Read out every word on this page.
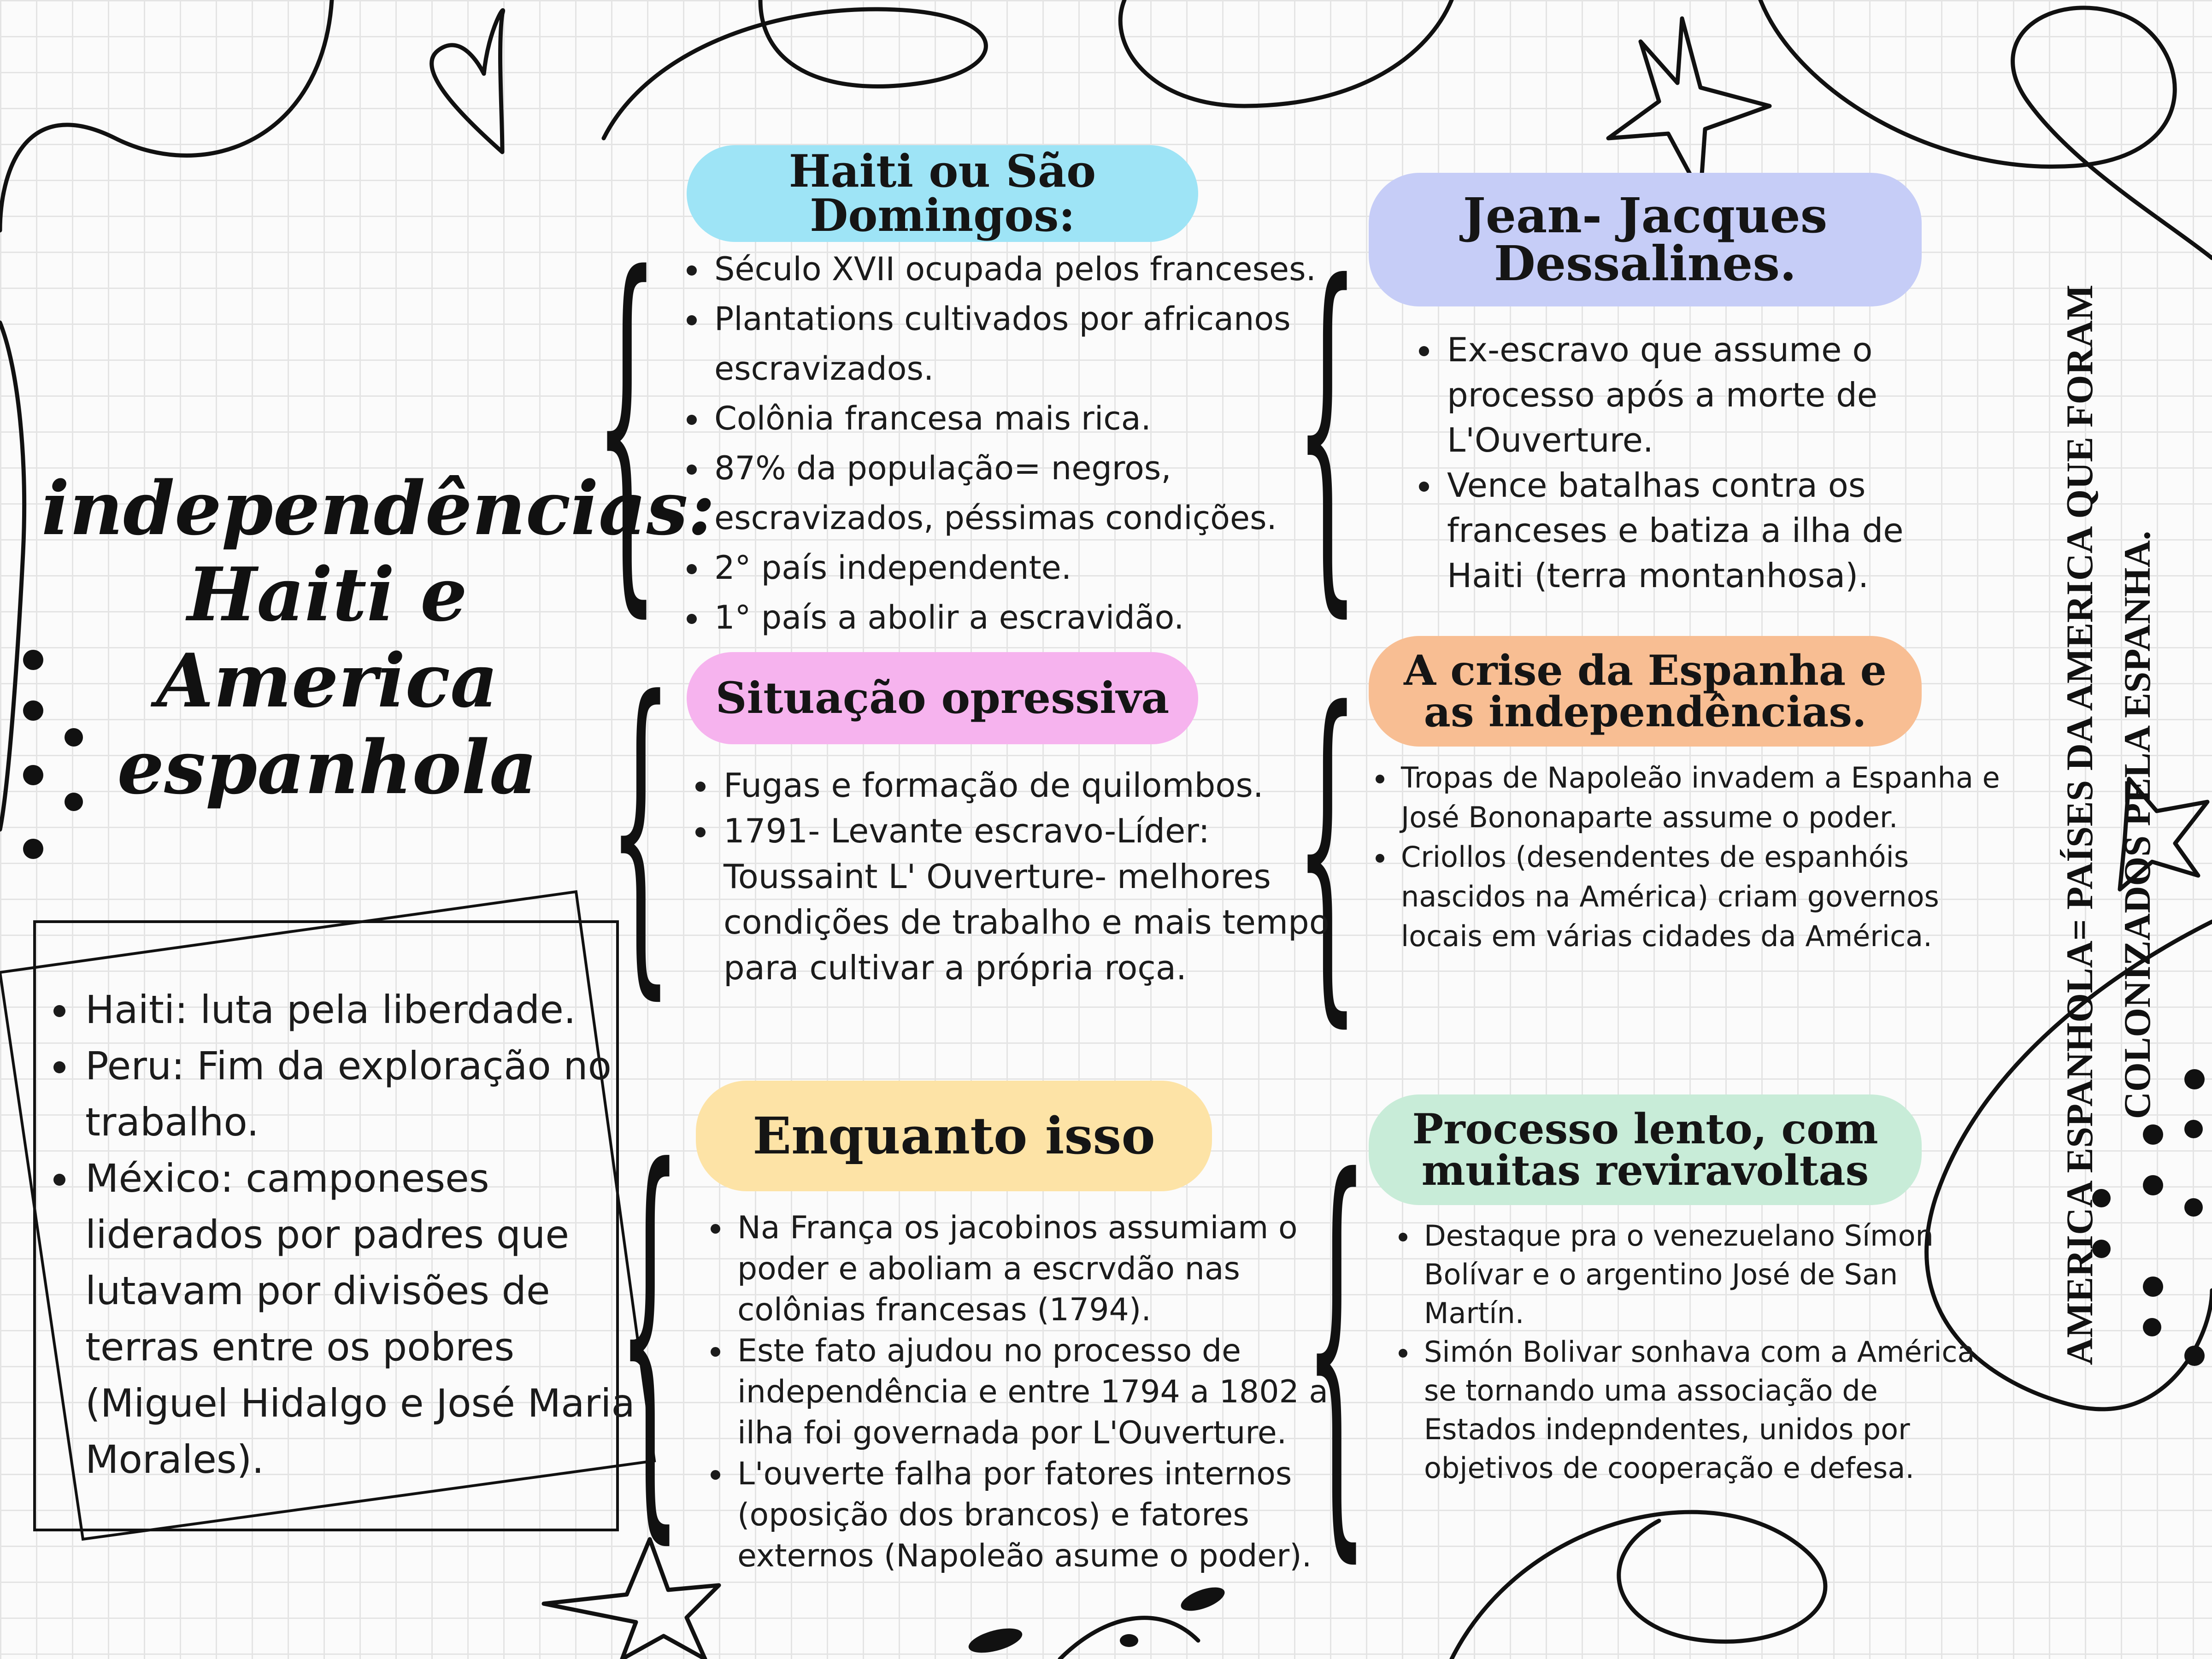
independências: Haiti e America espanhola
• Haiti: luta pela liberdade.
• Peru: Fim da exploração no trabalho.
• México: camponeses liderados por padres que lutavam por divisões de terras entre os pobres (Miguel Hidalgo e José Maria Morales).
{
{
{
{
{
{
Haiti ou São Domingos:
• Século XVII ocupada pelos franceses.
• Plantations cultivados por africanos escravizados.
• Colônia francesa mais rica.
• 87% da população= negros, escravizados, péssimas condições.
• 2° país independente.
• 1° país a abolir a escravidão.
Situação opressiva
• Fugas e formação de quilombos.
• 1791- Levante escravo-Líder: Toussaint L' Ouverture- melhores condições de trabalho e mais tempo para cultivar a própria roça.
Enquanto isso
• Na França os jacobinos assumiam o poder e aboliam a escrvdão nas colônias francesas (1794).
• Este fato ajudou no processo de independência e entre 1794 a 1802 a ilha foi governada por L'Ouverture.
• L'ouverte falha por fatores internos (oposição dos brancos) e fatores externos (Napoleão asume o poder).
Jean- Jacques Dessalines.
• Ex-escravo que assume o processo após a morte de L'Ouverture.
• Vence batalhas contra os franceses e batiza a ilha de Haiti (terra montanhosa).
A crise da Espanha e as independências.
• Tropas de Napoleão invadem a Espanha e José Bononaparte assume o poder.
• Criollos (desendentes de espanhóis nascidos na América) criam governos locais em várias cidades da América.
Processo lento, com muitas reviravoltas
• Destaque pra o venezuelano Símon Bolívar e o argentino José de San Martín.
• Simón Bolivar sonhava com a América se tornando uma associação de Estados indepndentes, unidos por objetivos de cooperação e defesa.
AMERICA ESPANHOLA= PAÍSES DA AMERICA QUE FORAM COLONIZADOS PELA ESPANHA.
